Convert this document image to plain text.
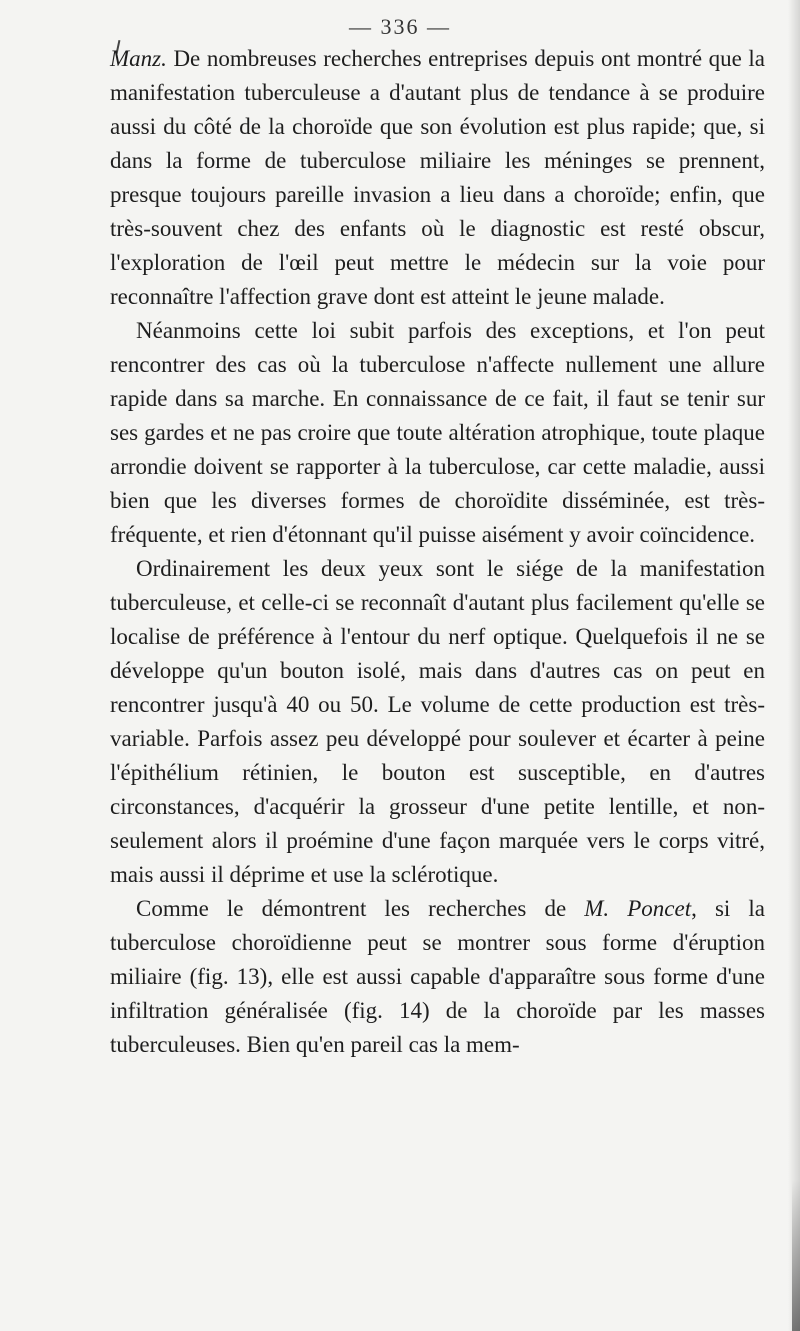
— 336 —

Manz. De nombreuses recherches entreprises depuis ont montré que la manifestation tuberculeuse a d'autant plus de tendance à se produire aussi du côté de la choroïde que son évolution est plus rapide; que, si dans la forme de tuberculose miliaire les méninges se prennent, presque toujours pareille invasion a lieu dans a choroïde; enfin, que très-souvent chez des enfants où le diagnostic est resté obscur, l'exploration de l'œil peut mettre le médecin sur la voie pour reconnaître l'affection grave dont est atteint le jeune malade.

Néanmoins cette loi subit parfois des exceptions, et l'on peut rencontrer des cas où la tuberculose n'affecte nullement une allure rapide dans sa marche. En connaissance de ce fait, il faut se tenir sur ses gardes et ne pas croire que toute altération atrophique, toute plaque arrondie doivent se rapporter à la tuberculose, car cette maladie, aussi bien que les diverses formes de choroïdite disséminée, est très-fréquente, et rien d'étonnant qu'il puisse aisément y avoir coïncidence.

Ordinairement les deux yeux sont le siége de la manifestation tuberculeuse, et celle-ci se reconnaît d'autant plus facilement qu'elle se localise de préférence à l'entour du nerf optique. Quelquefois il ne se développe qu'un bouton isolé, mais dans d'autres cas on peut en rencontrer jusqu'à 40 ou 50. Le volume de cette production est très-variable. Parfois assez peu développé pour soulever et écarter à peine l'épithélium rétinien, le bouton est susceptible, en d'autres circonstances, d'acquérir la grosseur d'une petite lentille, et non-seulement alors il proémine d'une façon marquée vers le corps vitré, mais aussi il déprime et use la sclérotique.

Comme le démontrent les recherches de M. Poncet, si la tuberculose choroïdienne peut se montrer sous forme d'éruption miliaire (fig. 13), elle est aussi capable d'apparaître sous forme d'une infiltration généralisée (fig. 14) de la choroïde par les masses tuberculeuses. Bien qu'en pareil cas la mem-
